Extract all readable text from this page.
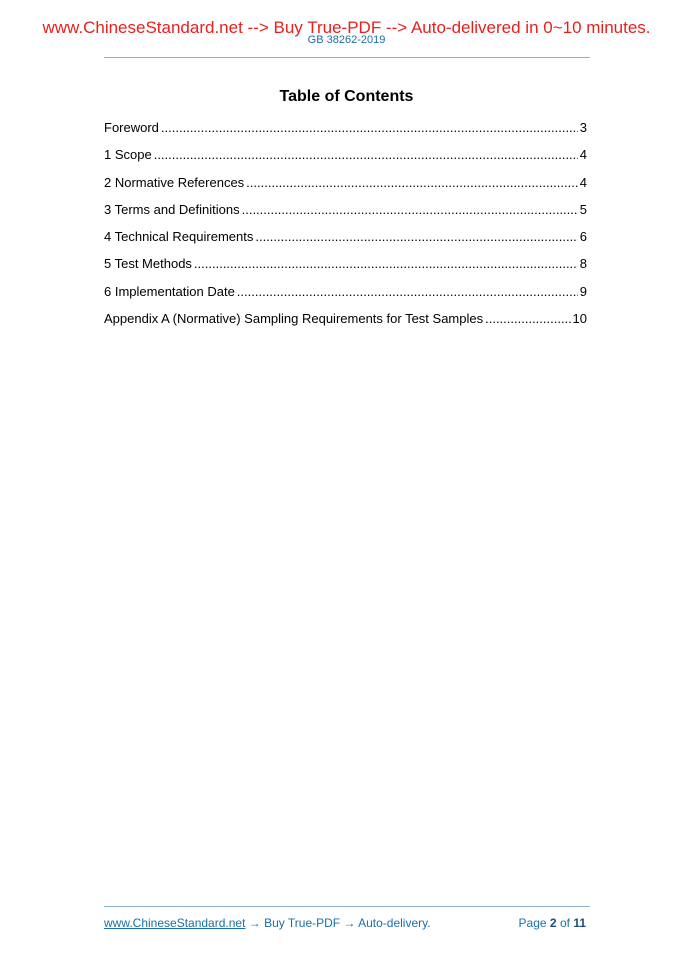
www.ChineseStandard.net --> Buy True-PDF --> Auto-delivered in 0~10 minutes.
GB 38262-2019
Table of Contents
Foreword .....	3
1 Scope .....	4
2 Normative References .....	4
3 Terms and Definitions .....	5
4 Technical Requirements .....	6
5 Test Methods .....	8
6 Implementation Date .....	9
Appendix A (Normative) Sampling Requirements for Test Samples .....	10
www.ChineseStandard.net → Buy True-PDF → Auto-delivery.	Page 2 of 11
